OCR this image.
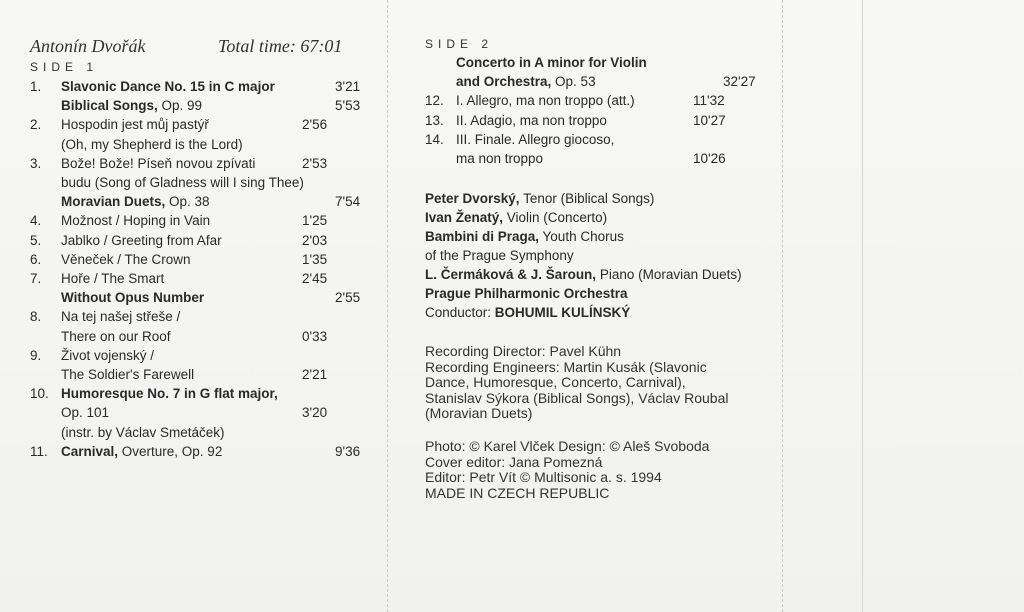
Antonín Dvořák	Total time: 67:01
SIDE 1
1. Slavonic Dance No. 15 in C major	3'21
Biblical Songs, Op. 99	5'53
2. Hospodin jest můj pastýř	2'56
(Oh, my Shepherd is the Lord)
3. Bože! Bože! Píseň novou zpívati	2'53
budu (Song of Gladness will I sing Thee)
Moravian Duets, Op. 38	7'54
4. Možnost / Hoping in Vain	1'25
5. Jablko / Greeting from Afar	2'03
6. Věneček / The Crown	1'35
7. Hoře / The Smart	2'45
Without Opus Number	2'55
8. Na tej našej střeše /
There on our Roof	0'33
9. Život vojenský /
The Soldier's Farewell	2'21
10. Humoresque No. 7 in G flat major,
Op. 101	3'20
(instr. by Václav Smetáček)
11. Carnival, Overture, Op. 92	9'36
SIDE 2
Concerto in A minor for Violin
and Orchestra, Op. 53	32'27
12. I. Allegro, ma non troppo (att.)	11'32
13. II. Adagio, ma non troppo	10'27
14. III. Finale. Allegro giocoso,
ma non troppo	10'26
Peter Dvorský, Tenor (Biblical Songs)
Ivan Ženatý, Violin (Concerto)
Bambini di Praga, Youth Chorus
of the Prague Symphony
L. Čermáková & J. Šaroun, Piano (Moravian Duets)
Prague Philharmonic Orchestra
Conductor: BOHUMIL KULÍNSKÝ
Recording Director: Pavel Kühn
Recording Engineers: Martin Kusák (Slavonic
Dance, Humoresque, Concerto, Carnival),
Stanislav Sýkora (Biblical Songs), Václav Roubal
(Moravian Duets)
Photo: © Karel Vlček Design: © Aleš Svoboda
Cover editor: Jana Pomezná
Editor: Petr Vít © Multisonic a. s. 1994
MADE IN CZECH REPUBLIC
